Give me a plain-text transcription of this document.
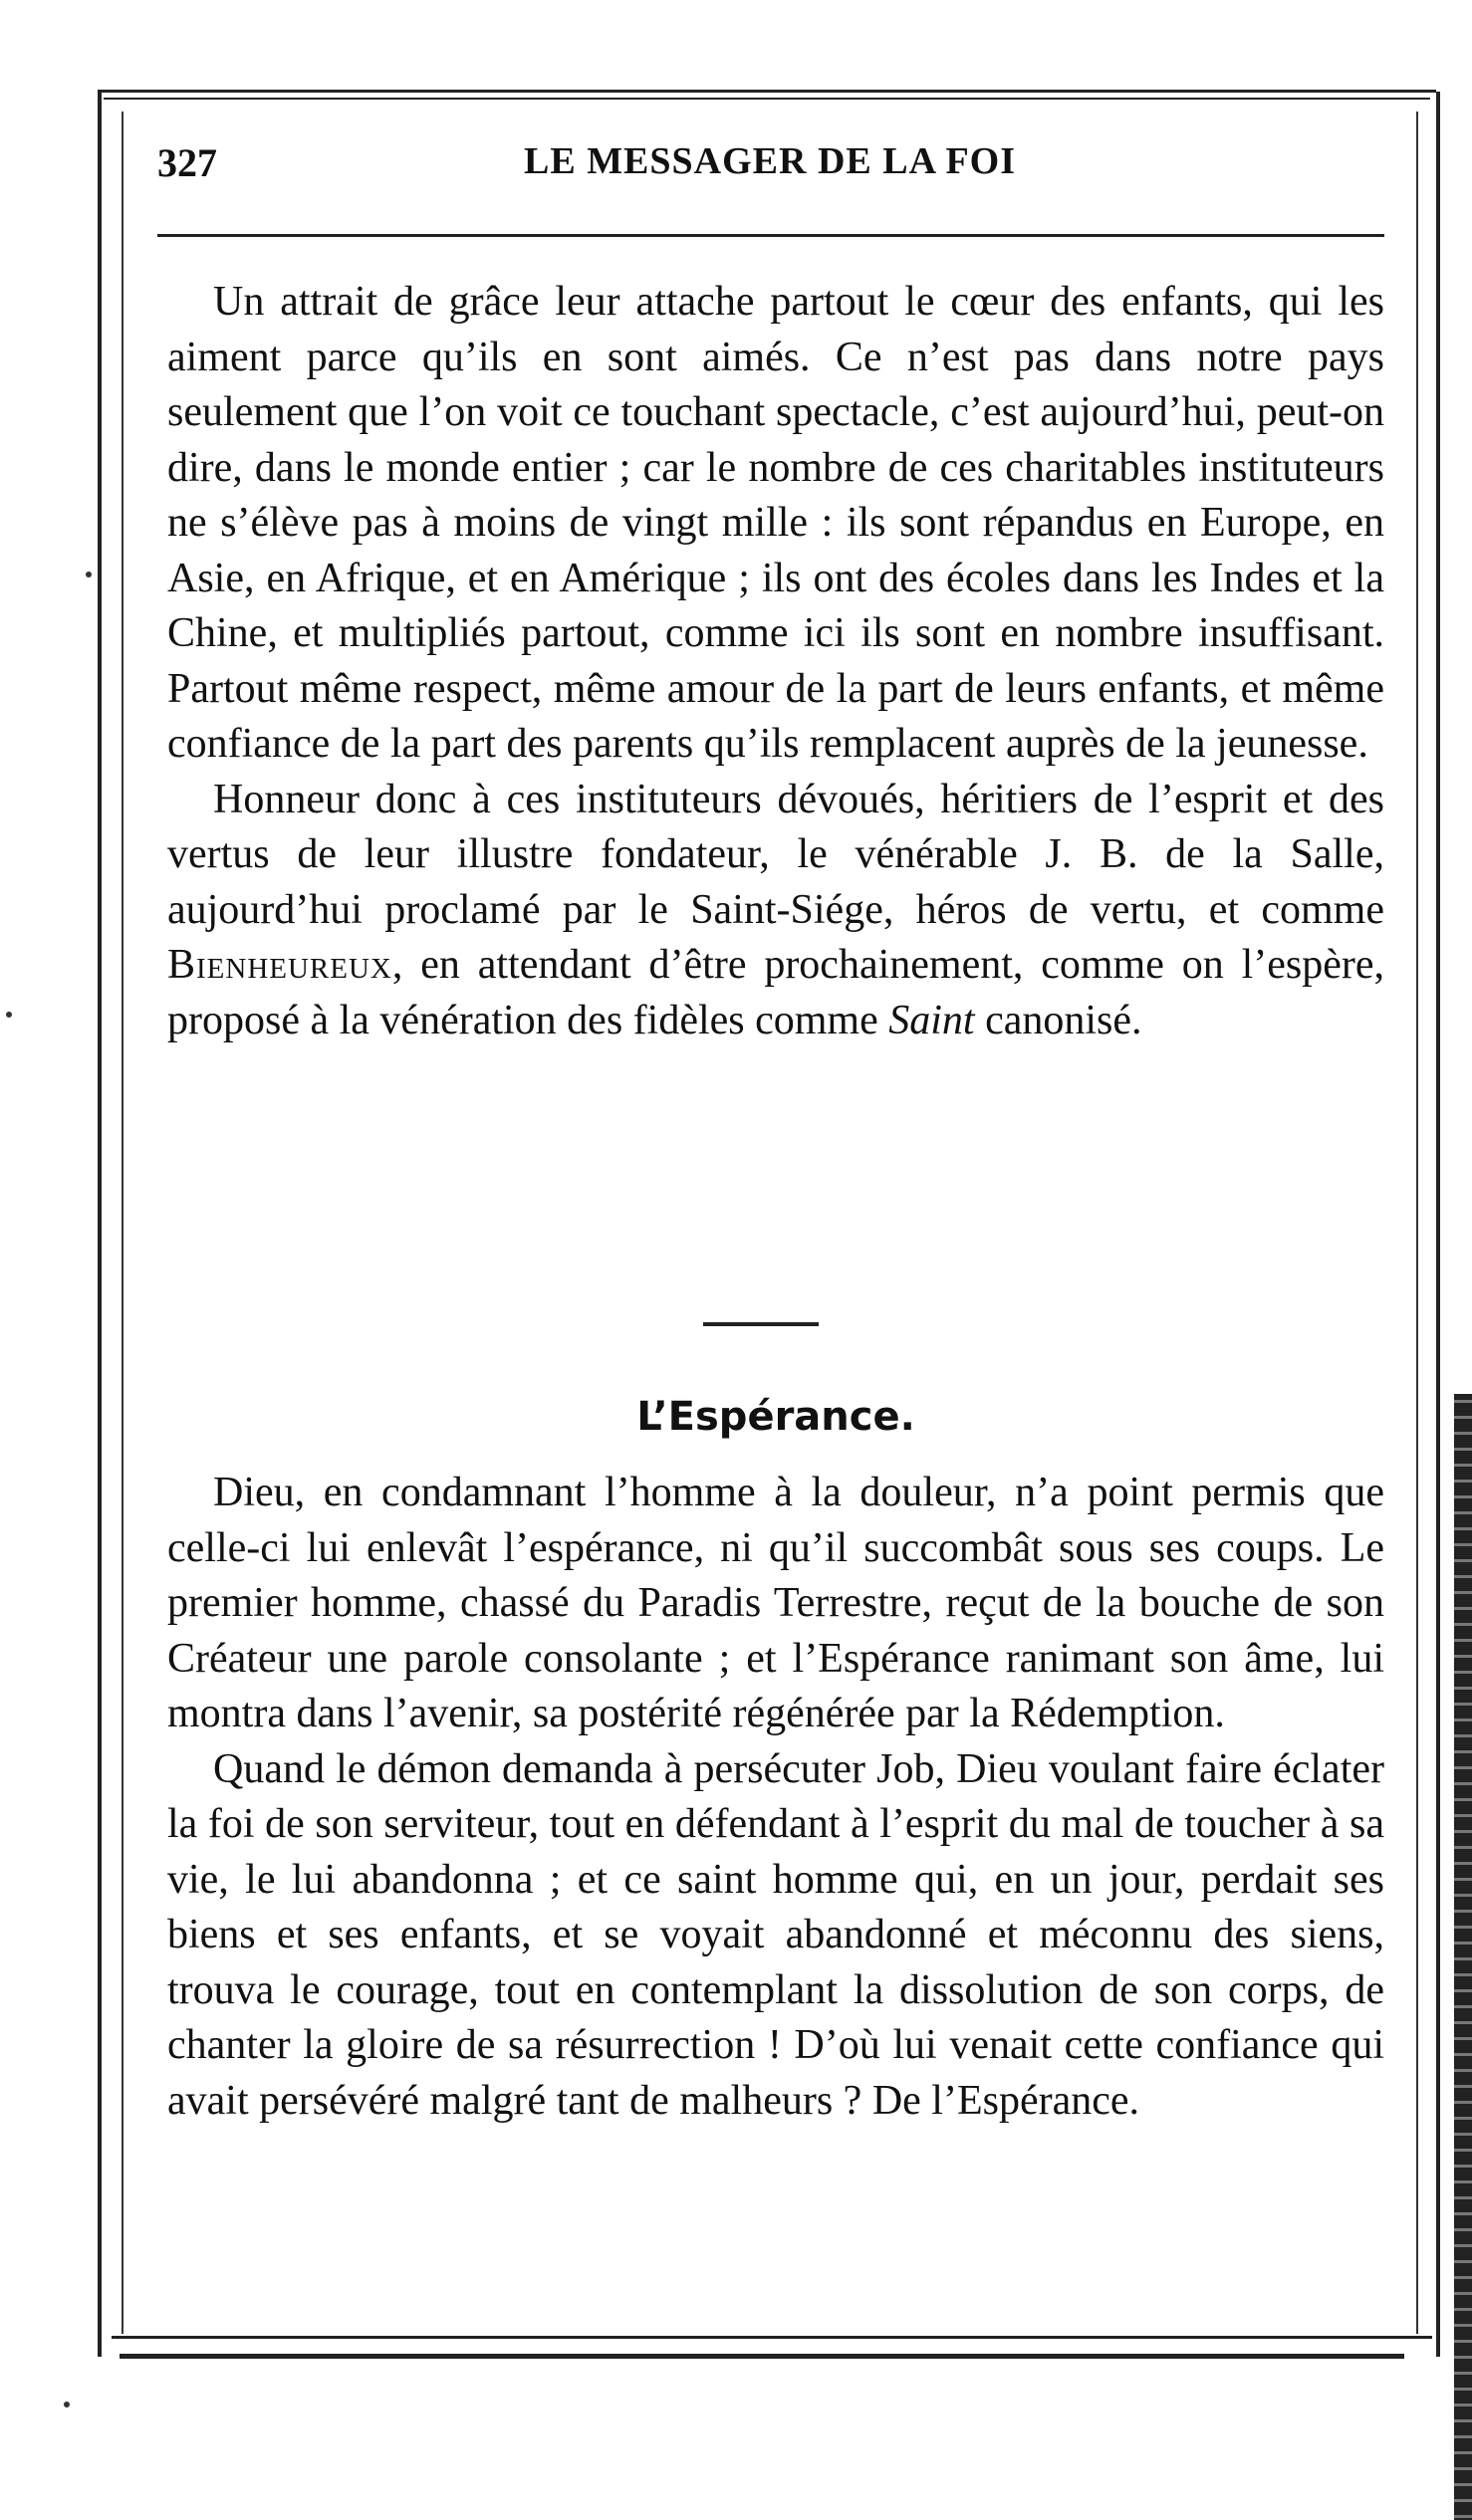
327	LE MESSAGER DE LA FOI

Un attrait de grâce leur attache partout le cœur des enfants, qui les aiment parce qu’ils en sont aimés. Ce n’est pas dans notre pays seulement que l’on voit ce touchant spectacle, c’est aujourd’hui, peut-on dire, dans le monde entier ; car le nombre de ces charitables instituteurs ne s’élève pas à moins de vingt mille : ils sont répandus en Europe, en Asie, en Afrique, et en Amérique ; ils ont des écoles dans les Indes et la Chine, et multipliés partout, comme ici ils sont en nombre insuffisant. Partout même respect, même amour de la part de leurs enfants, et même confiance de la part des parents qu’ils remplacent auprès de la jeunesse.

Honneur donc à ces instituteurs dévoués, héritiers de l’esprit et des vertus de leur illustre fondateur, le vénérable J. B. de la Salle, aujourd’hui proclamé par le Saint-Siége, héros de vertu, et comme Bienheureux, en attendant d’être prochainement, comme on l’espère, proposé à la vénération des fidèles comme Saint canonisé.

L’Espérance.

Dieu, en condamnant l’homme à la douleur, n’a point permis que celle-ci lui enlevât l’espérance, ni qu’il succombât sous ses coups. Le premier homme, chassé du Paradis Terrestre, reçut de la bouche de son Créateur une parole consolante ; et l’Espérance ranimant son âme, lui montra dans l’avenir, sa postérité régénérée par la Rédemption.

Quand le démon demanda à persécuter Job, Dieu voulant faire éclater la foi de son serviteur, tout en défendant à l’esprit du mal de toucher à sa vie, le lui abandonna ; et ce saint homme qui, en un jour, perdait ses biens et ses enfants, et se voyait abandonné et méconnu des siens, trouva le courage, tout en contemplant la dissolution de son corps, de chanter la gloire de sa résurrection ! D’où lui venait cette confiance qui avait persévéré malgré tant de malheurs ? De l’Espérance.
